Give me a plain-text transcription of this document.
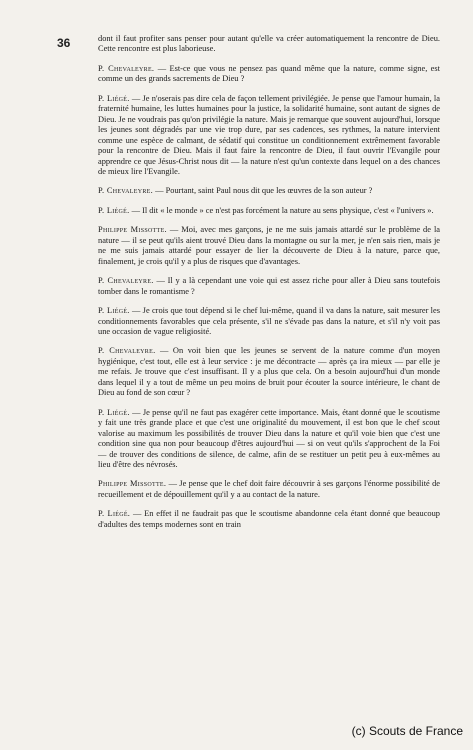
36	dont il faut profiter sans penser pour autant qu'elle va créer automatiquement la rencontre de Dieu. Cette rencontre est plus laborieuse.

P. Chevaleyre. — Est-ce que vous ne pensez pas quand même que la nature, comme signe, est comme un des grands sacrements de Dieu ?

P. Liégé. — Je n'oserais pas dire cela de façon tellement privilégiée. Je pense que l'amour humain, la fraternité humaine, les luttes humaines pour la justice, la solidarité humaine, sont autant de signes de Dieu. Je ne voudrais pas qu'on privilégie la nature. Mais je remarque que souvent aujourd'hui, lorsque les jeunes sont dégradés par une vie trop dure, par ses cadences, ses rythmes, la nature intervient comme une espèce de calmant, de sédatif qui constitue un conditionnement extrêmement favorable pour la rencontre de Dieu. Mais il faut faire la rencontre de Dieu, il faut ouvrir l'Evangile pour apprendre ce que Jésus-Christ nous dit — la nature n'est qu'un contexte dans lequel on a des chances de mieux lire l'Evangile.

P. Chevaleyre. — Pourtant, saint Paul nous dit que les œuvres de la son auteur ?

P. Liégé. — Il dit « le monde » ce n'est pas forcément la nature au sens physique, c'est « l'univers ».

Philippe Missotte. — Moi, avec mes garçons, je ne me suis jamais attardé sur le problème de la nature — il se peut qu'ils aient trouvé Dieu dans la montagne ou sur la mer, je n'en sais rien, mais je ne me suis jamais attardé pour essayer de lier la découverte de Dieu à la nature, parce que, finalement, je crois qu'il y a plus de risques que d'avantages.

P. Chevaleyre. — Il y a là cependant une voie qui est assez riche pour aller à Dieu sans toutefois tomber dans le romantisme ?

P. Liégé. — Je crois que tout dépend si le chef lui-même, quand il va dans la nature, sait mesurer les conditionnements favorables que cela présente, s'il ne s'évade pas dans la nature, et s'il n'y voit pas une occasion de vague religiosité.

P. Chevaleyre. — On voit bien que les jeunes se servent de la nature comme d'un moyen hygiénique, c'est tout, elle est à leur service : je me décontracte — après ça ira mieux — par elle je me refais. Je trouve que c'est insuffisant. Il y a plus que cela. On a besoin aujourd'hui d'un monde dans lequel il y a tout de même un peu moins de bruit pour écouter la source intérieure, le chant de Dieu au fond de son cœur ?

P. Liégé. — Je pense qu'il ne faut pas exagérer cette importance. Mais, étant donné que le scoutisme y fait une très grande place et que c'est une originalité du mouvement, il est bon que le chef scout valorise au maximum les possibilités de trouver Dieu dans la nature et qu'il voie bien que c'est une condition sine qua non pour beaucoup d'êtres aujourd'hui — si on veut qu'ils s'approchent de la Foi — de trouver des conditions de silence, de calme, afin de se restituer un petit peu à eux-mêmes au lieu d'être des névrosés.

Philippe Missotte. — Je pense que le chef doit faire découvrir à ses garçons l'énorme possibilité de recueillement et de dépouillement qu'il y a au contact de la nature.

P. Liégé. — En effet il ne faudrait pas que le scoutisme abandonne cela étant donné que beaucoup d'adultes des temps modernes sont en train

(c) Scouts de France
